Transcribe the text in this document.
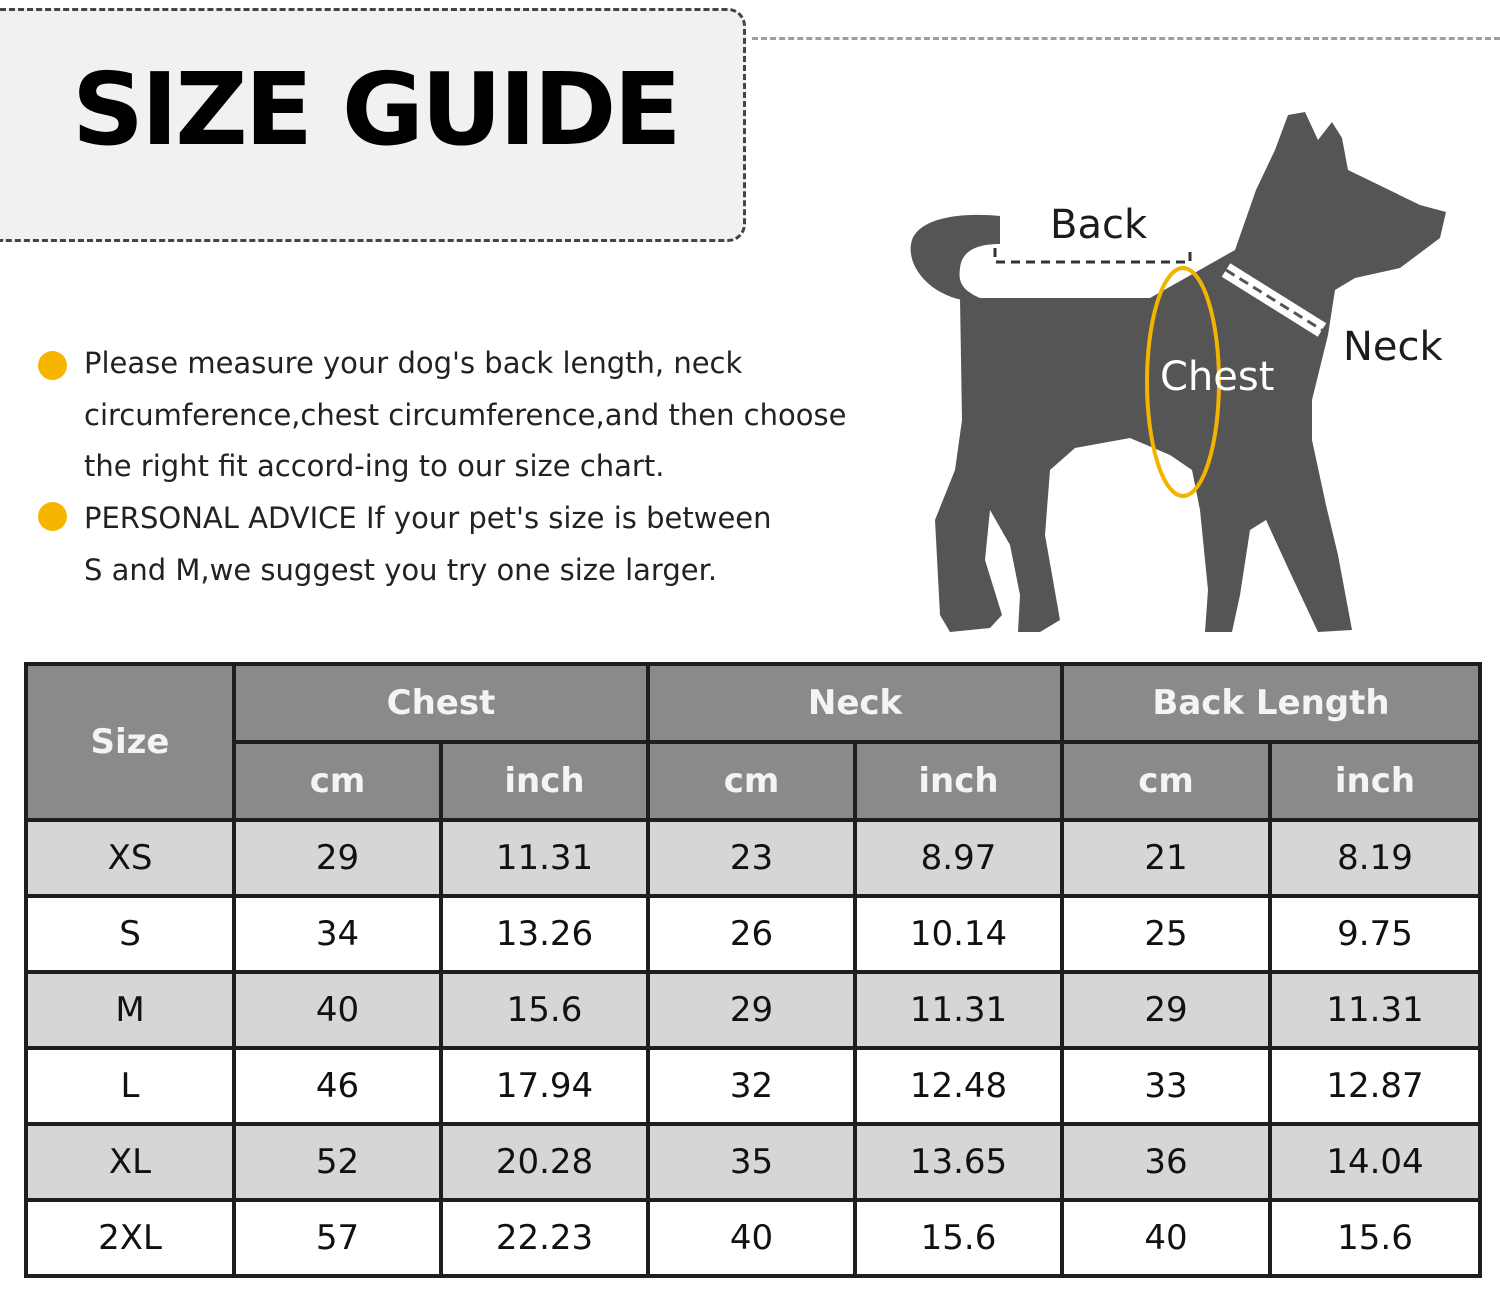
SIZE GUIDE
Please measure your dog's back length, neck
circumference,chest circumference,and then choose
the right fit accord-ing to our size chart.
PERSONAL ADVICE If your pet's size is between
S and M,we suggest you try one size larger.
Back
Chest
Neck
Size	Chest		Neck		Back Length	
	cm	inch	cm	inch	cm	inch
XS	29	11.31	23	8.97	21	8.19
S	34	13.26	26	10.14	25	9.75
M	40	15.6	29	11.31	29	11.31
L	46	17.94	32	12.48	33	12.87
XL	52	20.28	35	13.65	36	14.04
2XL	57	22.23	40	15.6	40	15.6
